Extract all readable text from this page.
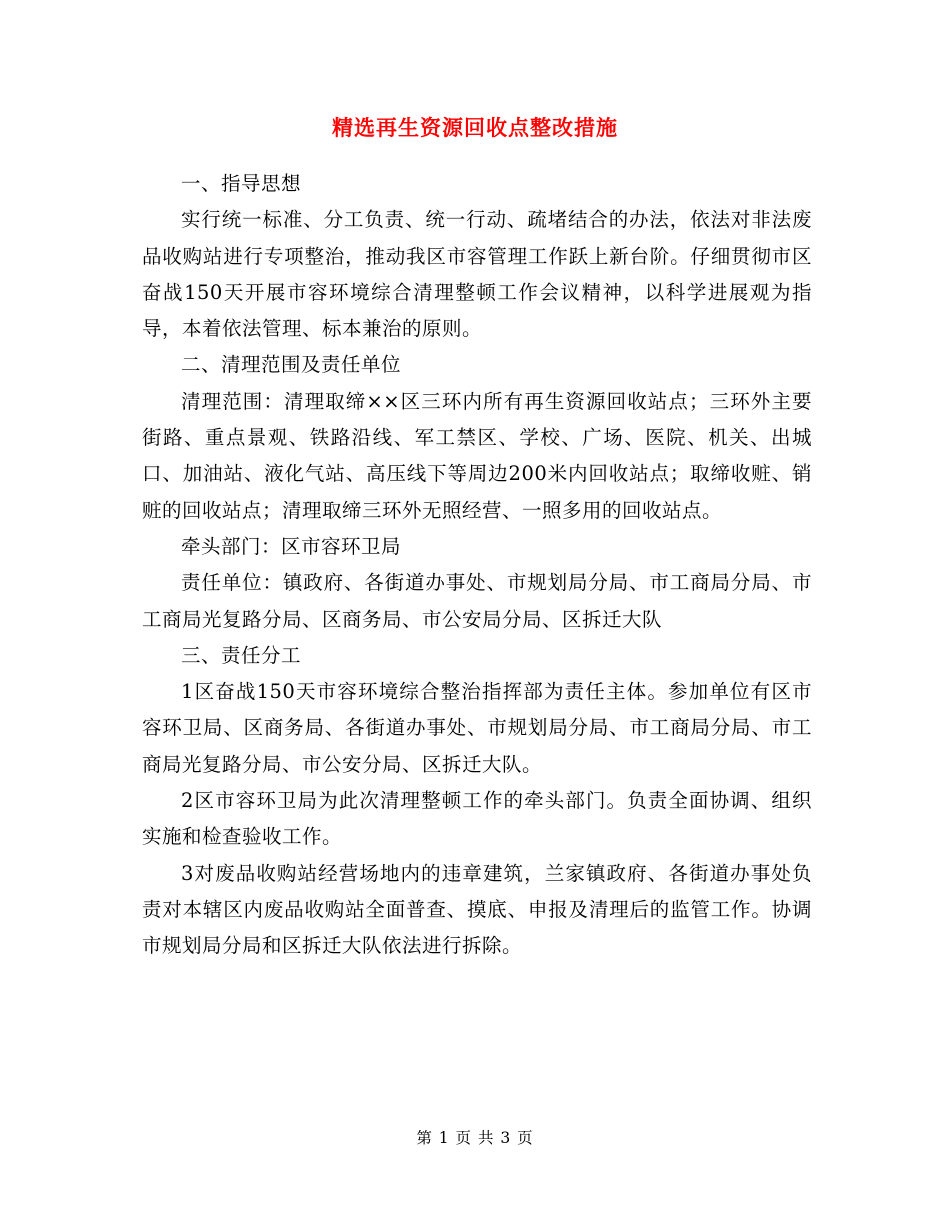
精选再生资源回收点整改措施

一、指导思想

实行统一标准、分工负责、统一行动、疏堵结合的办法，依法对非法废品收购站进行专项整治，推动我区市容管理工作跃上新台阶。仔细贯彻市区奋战150天开展市容环境综合清理整顿工作会议精神，以科学进展观为指导，本着依法管理、标本兼治的原则。

二、清理范围及责任单位

清理范围：清理取缔××区三环内所有再生资源回收站点；三环外主要街路、重点景观、铁路沿线、军工禁区、学校、广场、医院、机关、出城口、加油站、液化气站、高压线下等周边200米内回收站点；取缔收赃、销赃的回收站点；清理取缔三环外无照经营、一照多用的回收站点。

牵头部门：区市容环卫局

责任单位：镇政府、各街道办事处、市规划局分局、市工商局分局、市工商局光复路分局、区商务局、市公安局分局、区拆迁大队

三、责任分工

1区奋战150天市容环境综合整治指挥部为责任主体。参加单位有区市容环卫局、区商务局、各街道办事处、市规划局分局、市工商局分局、市工商局光复路分局、市公安分局、区拆迁大队。

2区市容环卫局为此次清理整顿工作的牵头部门。负责全面协调、组织实施和检查验收工作。

3对废品收购站经营场地内的违章建筑，兰家镇政府、各街道办事处负责对本辖区内废品收购站全面普查、摸底、申报及清理后的监管工作。协调市规划局分局和区拆迁大队依法进行拆除。

第 1 页 共 3 页
